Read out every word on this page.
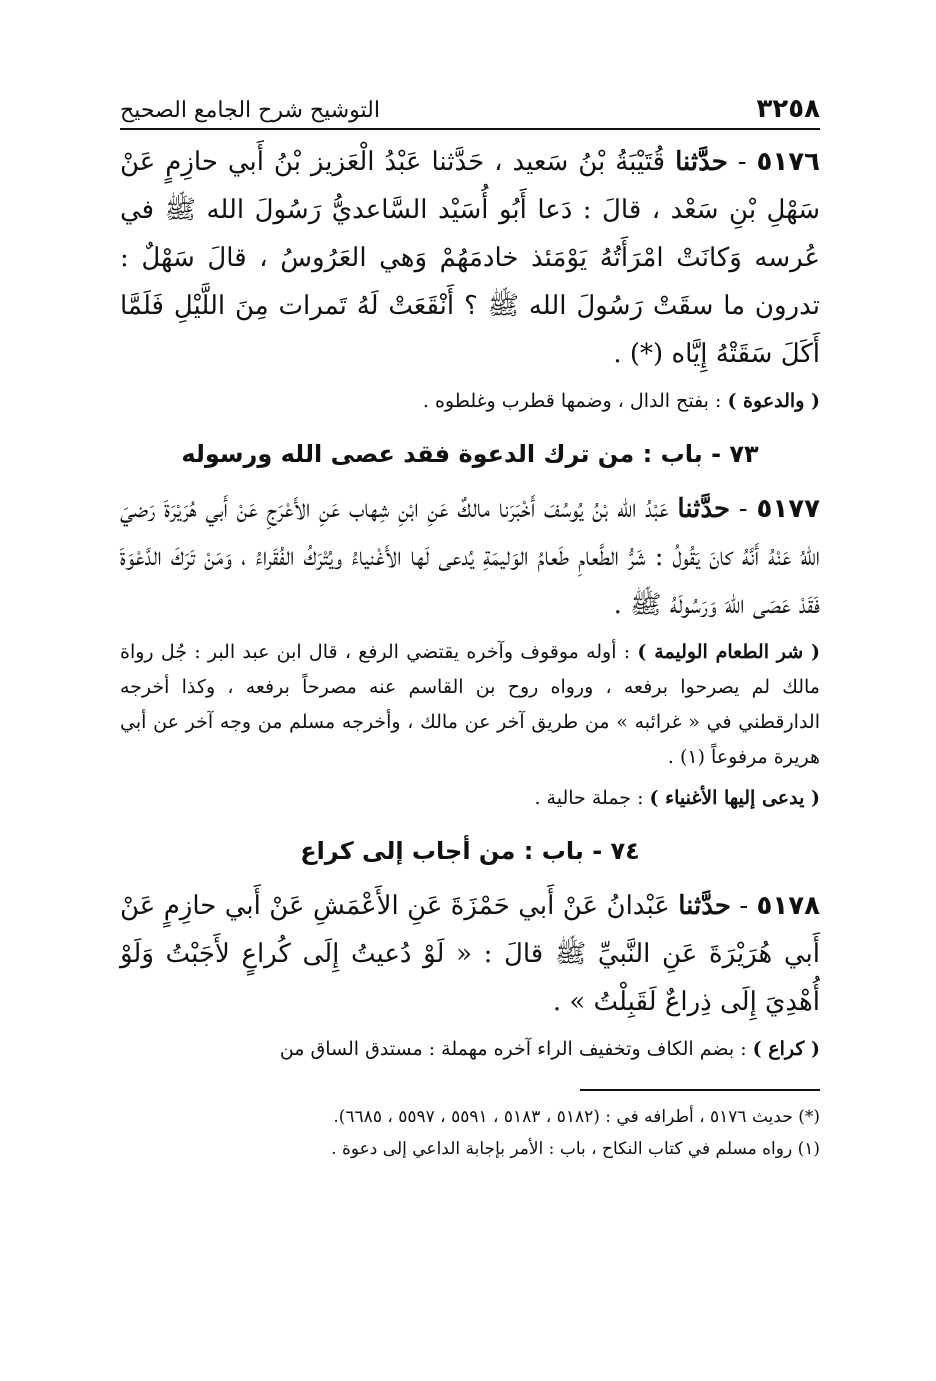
٣٢٥٨
التوشيح شرح الجامع الصحيح

٥١٧٦ - حدَّثنا قُتَيْبَةُ بْنُ سَعيد ، حَدَّثنا عَبْدُ الْعَزيز بْنُ أَبي حازِمٍ عَنْ سَهْلِ بْنِ سَعْد ، قالَ : دَعا أَبُو أُسَيْد السَّاعديُّ رَسُولَ الله ﷺ في عُرسه وَكانَتْ امْرَأَتُهُ يَوْمَئذ خادمَهُمْ وَهي العَرُوسُ ، قالَ سَهْلٌ : تدرون ما سقَتْ رَسُولَ الله ﷺ ؟ أَنْقَعَتْ لَهُ تَمرات مِنَ اللَّيْلِ فَلَمَّا أَكَلَ سَقَتْهُ إِيَّاه (*) .

( والدعوة ) : بفتح الدال ، وضمها قطرب وغلطوه .

٧٣ - باب : من ترك الدعوة فقد عصى الله ورسوله

٥١٧٧ - حدَّثنا عَبْدُ الله بْنُ يُوسُفَ أَخْبَرَنا مالكٌ عَنِ ابْنِ شِهاب عَنِ الأَعْرَجِ عَنْ أَبي هُرَيْرَةَ رَضيَ اللهُ عَنْهُ أَنَّهُ كانَ يَقُولُ : شَرُّ الطَّعامِ طَعامُ الوَليمَةِ يُدعى لَها الأَغْنياءُ ويُتْرَكُ الفُقَراءُ ، وَمَنْ تَرَكَ الدَّعْوَةَ فَقَدْ عَصَى اللهَ وَرَسُولَهُ ﷺ .

( شر الطعام الوليمة ) : أوله موقوف وآخره يقتضي الرفع ، قال ابن عبد البر : جُل رواة مالك لم يصرحوا برفعه ، ورواه روح بن القاسم عنه مصرحاً برفعه ، وكذا أخرجه الدارقطني في « غرائبه » من طريق آخر عن مالك ، وأخرجه مسلم من وجه آخر عن أبي هريرة مرفوعاً (١) .

( يدعى إليها الأغنياء ) : جملة حالية .

٧٤ - باب : من أجاب إلى كراع

٥١٧٨ - حدَّثنا عَبْدانُ عَنْ أَبي حَمْزَةَ عَنِ الأَعْمَشِ عَنْ أَبي حازِمٍ عَنْ أَبي هُرَيْرَةَ عَنِ النَّبيِّ ﷺ قالَ : « لَوْ دُعيتُ إِلَى كُراعٍ لأَجَبْتُ وَلَوْ أُهْدِيَ إِلَى ذِراعٌ لَقَبِلْتُ » .

( كراع ) : بضم الكاف وتخفيف الراء آخره مهملة : مستدق الساق من

(*) حديث ٥١٧٦ ، أطرافه في : (٥١٨٢ ، ٥١٨٣ ، ٥٥٩١ ، ٥٥٩٧ ، ٦٦٨٥).

(١) رواه مسلم في كتاب النكاح ، باب : الأمر بإجابة الداعي إلى دعوة .
